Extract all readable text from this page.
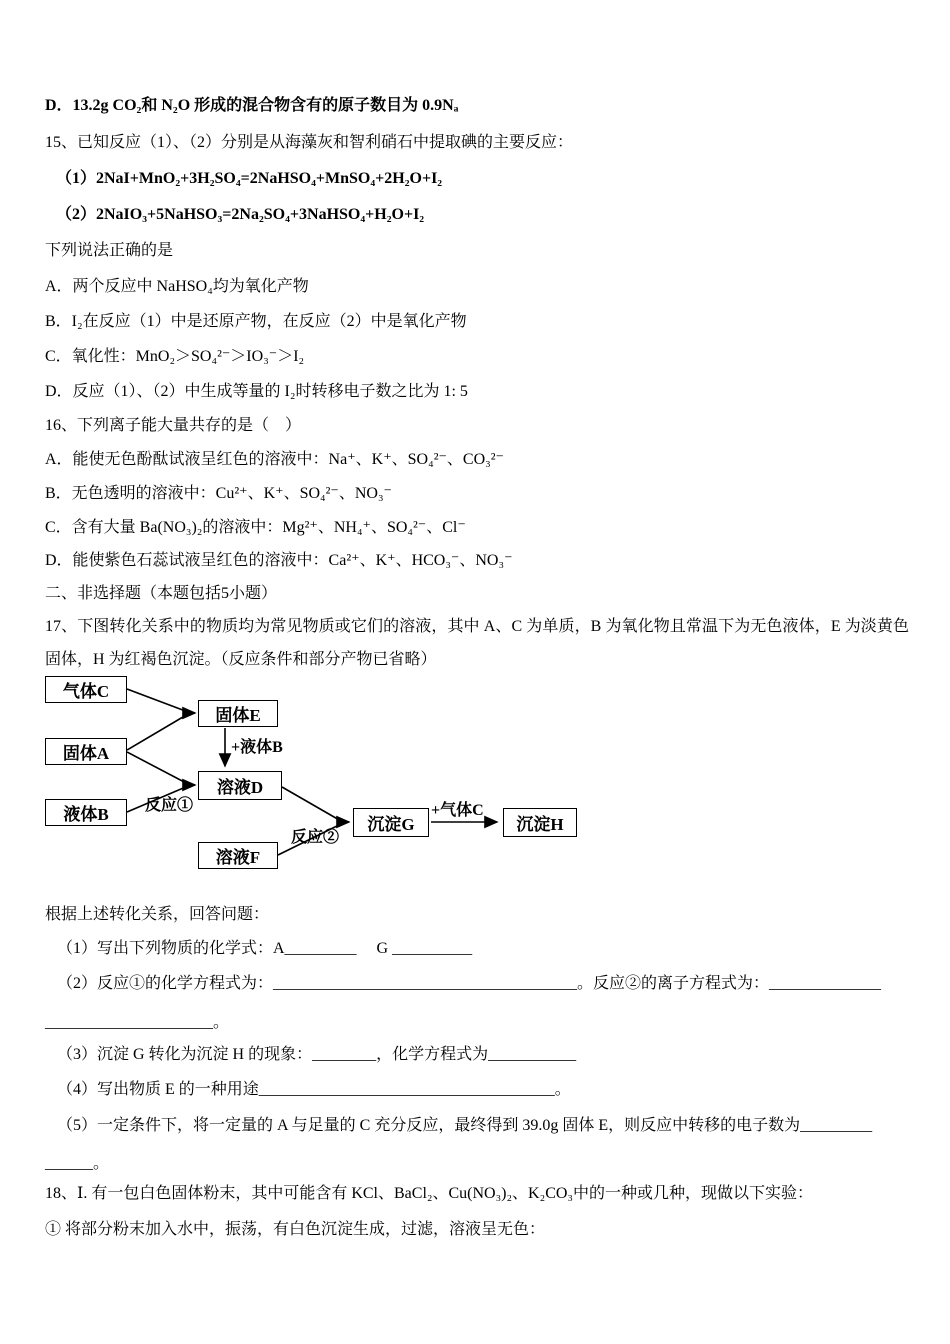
D．13.2g CO₂和 N₂O 形成的混合物含有的原子数目为 0.9Nₐ
15、已知反应（1）、（2）分别是从海藻灰和智利硝石中提取碘的主要反应：
（1）2NaI+MnO₂+3H₂SO₄=2NaHSO₄+MnSO₄+2H₂O+I₂
（2）2NaIO₃+5NaHSO₃=2Na₂SO₄+3NaHSO₄+H₂O+I₂
下列说法正确的是
A．两个反应中 NaHSO₄均为氧化产物
B．I₂在反应（1）中是还原产物，在反应（2）中是氧化产物
C．氧化性：MnO₂＞SO₄²⁻＞IO₃⁻＞I₂
D．反应（1）、（2）中生成等量的 I₂时转移电子数之比为 1: 5
16、下列离子能大量共存的是（　）
A．能使无色酚酞试液呈红色的溶液中：Na⁺、K⁺、SO₄²⁻、CO₃²⁻
B．无色透明的溶液中：Cu²⁺、K⁺、SO₄²⁻、NO₃⁻
C．含有大量 Ba(NO₃)₂的溶液中：Mg²⁺、NH₄⁺、SO₄²⁻、Cl⁻
D．能使紫色石蕊试液呈红色的溶液中：Ca²⁺、K⁺、HCO₃⁻、NO₃⁻
二、非选择题（本题包括5小题）

17、下图转化关系中的物质均为常见物质或它们的溶液，其中 A、C 为单质，B 为氧化物且常温下为无色液体，E 为淡黄色固体，H 为红褐色沉淀。（反应条件和部分产物已省略）

气体C
固体E
固体A
溶液D
液体B
沉淀G	沉淀H
溶液F
+液体B
反应①
反应②
+气体C
根据上述转化关系，回答问题：
（1）写出下列物质的化学式：A_________　 G __________
（2）反应①的化学方程式为：______________________________________。反应②的离子方程式为：______________
_____________________。
（3）沉淀 G 转化为沉淀 H 的现象：________，化学方程式为___________
（4）写出物质 E 的一种用途_____________________________________。
（5）一定条件下，将一定量的 A 与足量的 C 充分反应，最终得到 39.0g 固体 E，则反应中转移的电子数为_________
______。
18、Ⅰ. 有一包白色固体粉末，其中可能含有 KCl、BaCl₂、Cu(NO₃)₂、K₂CO₃中的一种或几种，现做以下实验：
① 将部分粉末加入水中，振荡，有白色沉淀生成，过滤，溶液呈无色：
